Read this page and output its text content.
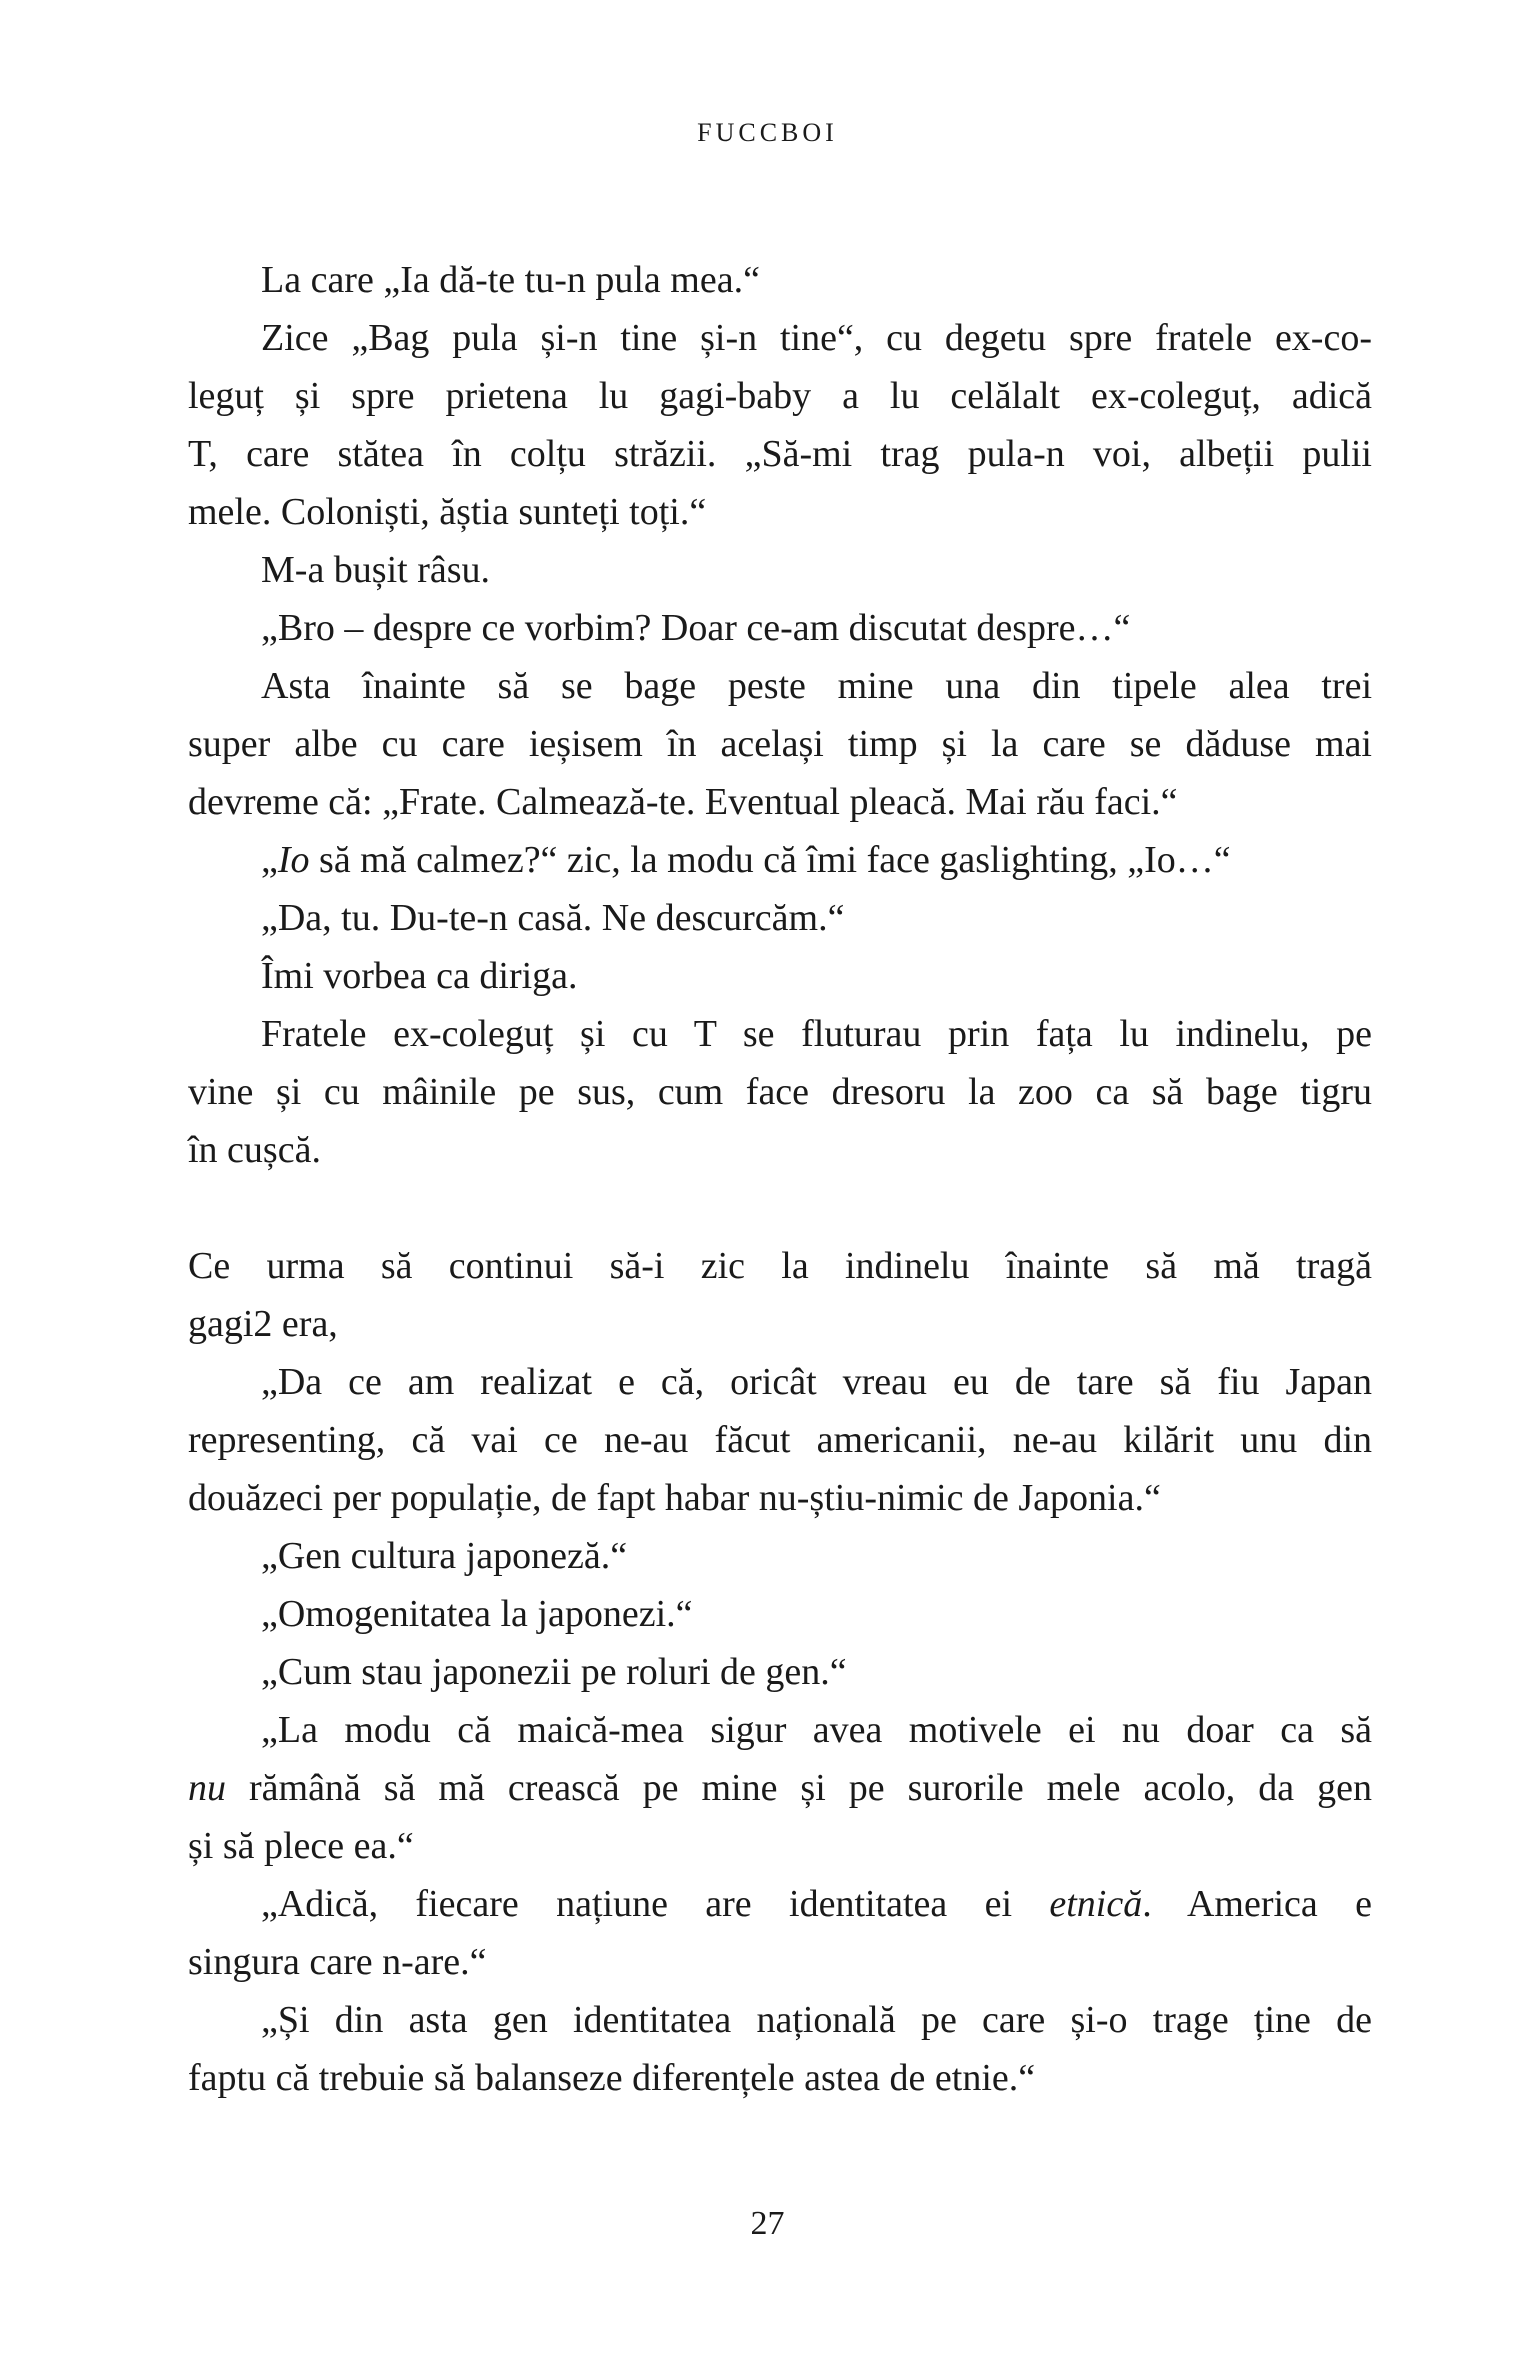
FUCCBOI
La care „Ia dă-te tu-n pula mea.“
Zice „Bag pula și-n tine și-n tine“, cu degetu spre fratele ex-co-
leguț și spre prietena lu gagi-baby a lu celălalt ex-coleguț, adică
T, care stătea în colțu străzii. „Să-mi trag pula-n voi, albeții pulii
mele. Coloniști, ăștia sunteți toți.“
M-a bușit râsu.
„Bro – despre ce vorbim? Doar ce-am discutat despre…“
Asta înainte să se bage peste mine una din tipele alea trei
super albe cu care ieșisem în același timp și la care se dăduse mai
devreme că: „Frate. Calmează-te. Eventual pleacă. Mai rău faci.“
„Io să mă calmez?“ zic, la modu că îmi face gaslighting, „Io…“
„Da, tu. Du-te-n casă. Ne descurcăm.“
Îmi vorbea ca diriga.
Fratele ex-coleguț și cu T se fluturau prin fața lu indinelu, pe
vine și cu mâinile pe sus, cum face dresoru la zoo ca să bage tigru
în cușcă.
Ce urma să continui să-i zic la indinelu înainte să mă tragă
gagi2 era,
„Da ce am realizat e că, oricât vreau eu de tare să fiu Japan
representing, că vai ce ne-au făcut americanii, ne-au kilărit unu din
douăzeci per populație, de fapt habar nu-știu-nimic de Japonia.“
„Gen cultura japoneză.“
„Omogenitatea la japonezi.“
„Cum stau japonezii pe roluri de gen.“
„La modu că maică-mea sigur avea motivele ei nu doar ca să
nu rămână să mă crească pe mine și pe surorile mele acolo, da gen
și să plece ea.“
„Adică, fiecare națiune are identitatea ei etnică. America e
singura care n-are.“
„Și din asta gen identitatea națională pe care și-o trage ține de
faptu că trebuie să balanseze diferențele astea de etnie.“
27
